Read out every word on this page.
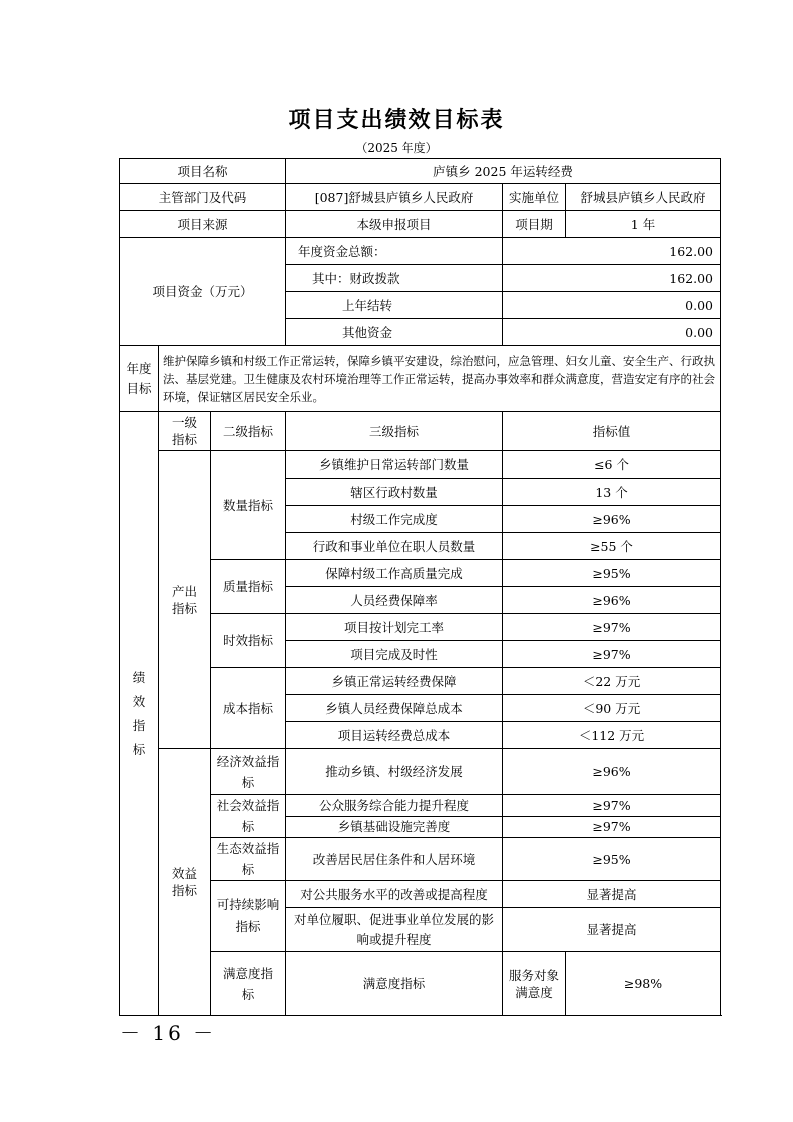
项目支出绩效目标表
（2025 年度）
项目名称			庐镇乡 2025 年运转经费		
主管部门及代码			[087]舒城县庐镇乡人民政府	实施单位	舒城县庐镇乡人民政府
项目来源			本级申报项目	项目期	1 年
项目资金（万元）			年度资金总额：	162.00	
			其中：财政拨款	162.00	
			上年结转	0.00	
			其他资金	0.00	
年度目标	维护保障乡镇和村级工作正常运转，保障乡镇平安建设，综治慰问，应急管理、妇女儿童、安全生产、行政执法、基层党建。卫生健康及农村环境治理等工作正常运转，提高办事效率和群众满意度，营造安定有序的社会环境，保证辖区居民安全乐业。				
绩效指标	一级指标	二级指标	三级指标	指标值	
	产出指标	数量指标	乡镇维护日常运转部门数量	≤6 个	
			辖区行政村数量	13 个	
			村级工作完成度	≥96%	
			行政和事业单位在职人员数量	≥55 个	
		质量指标	保障村级工作高质量完成	≥95%	
			人员经费保障率	≥96%	
		时效指标	项目按计划完工率	≥97%	
			项目完成及时性	≥97%	
		成本指标	乡镇正常运转经费保障	＜22 万元	
			乡镇人员经费保障总成本	＜90 万元	
			项目运转经费总成本	＜112 万元	
	效益指标	经济效益指标	推动乡镇、村级经济发展	≥96%	
		社会效益指标	公众服务综合能力提升程度	≥97%	
			乡镇基础设施完善度	≥97%	
		生态效益指标	改善居民居住条件和人居环境	≥95%	
		可持续影响指标	对公共服务水平的改善或提高程度	显著提高	
			对单位履职、促进事业单位发展的影响或提升程度	显著提高	
		满意度指标	满意度指标	服务对象满意度	≥98%
－ 16 －
